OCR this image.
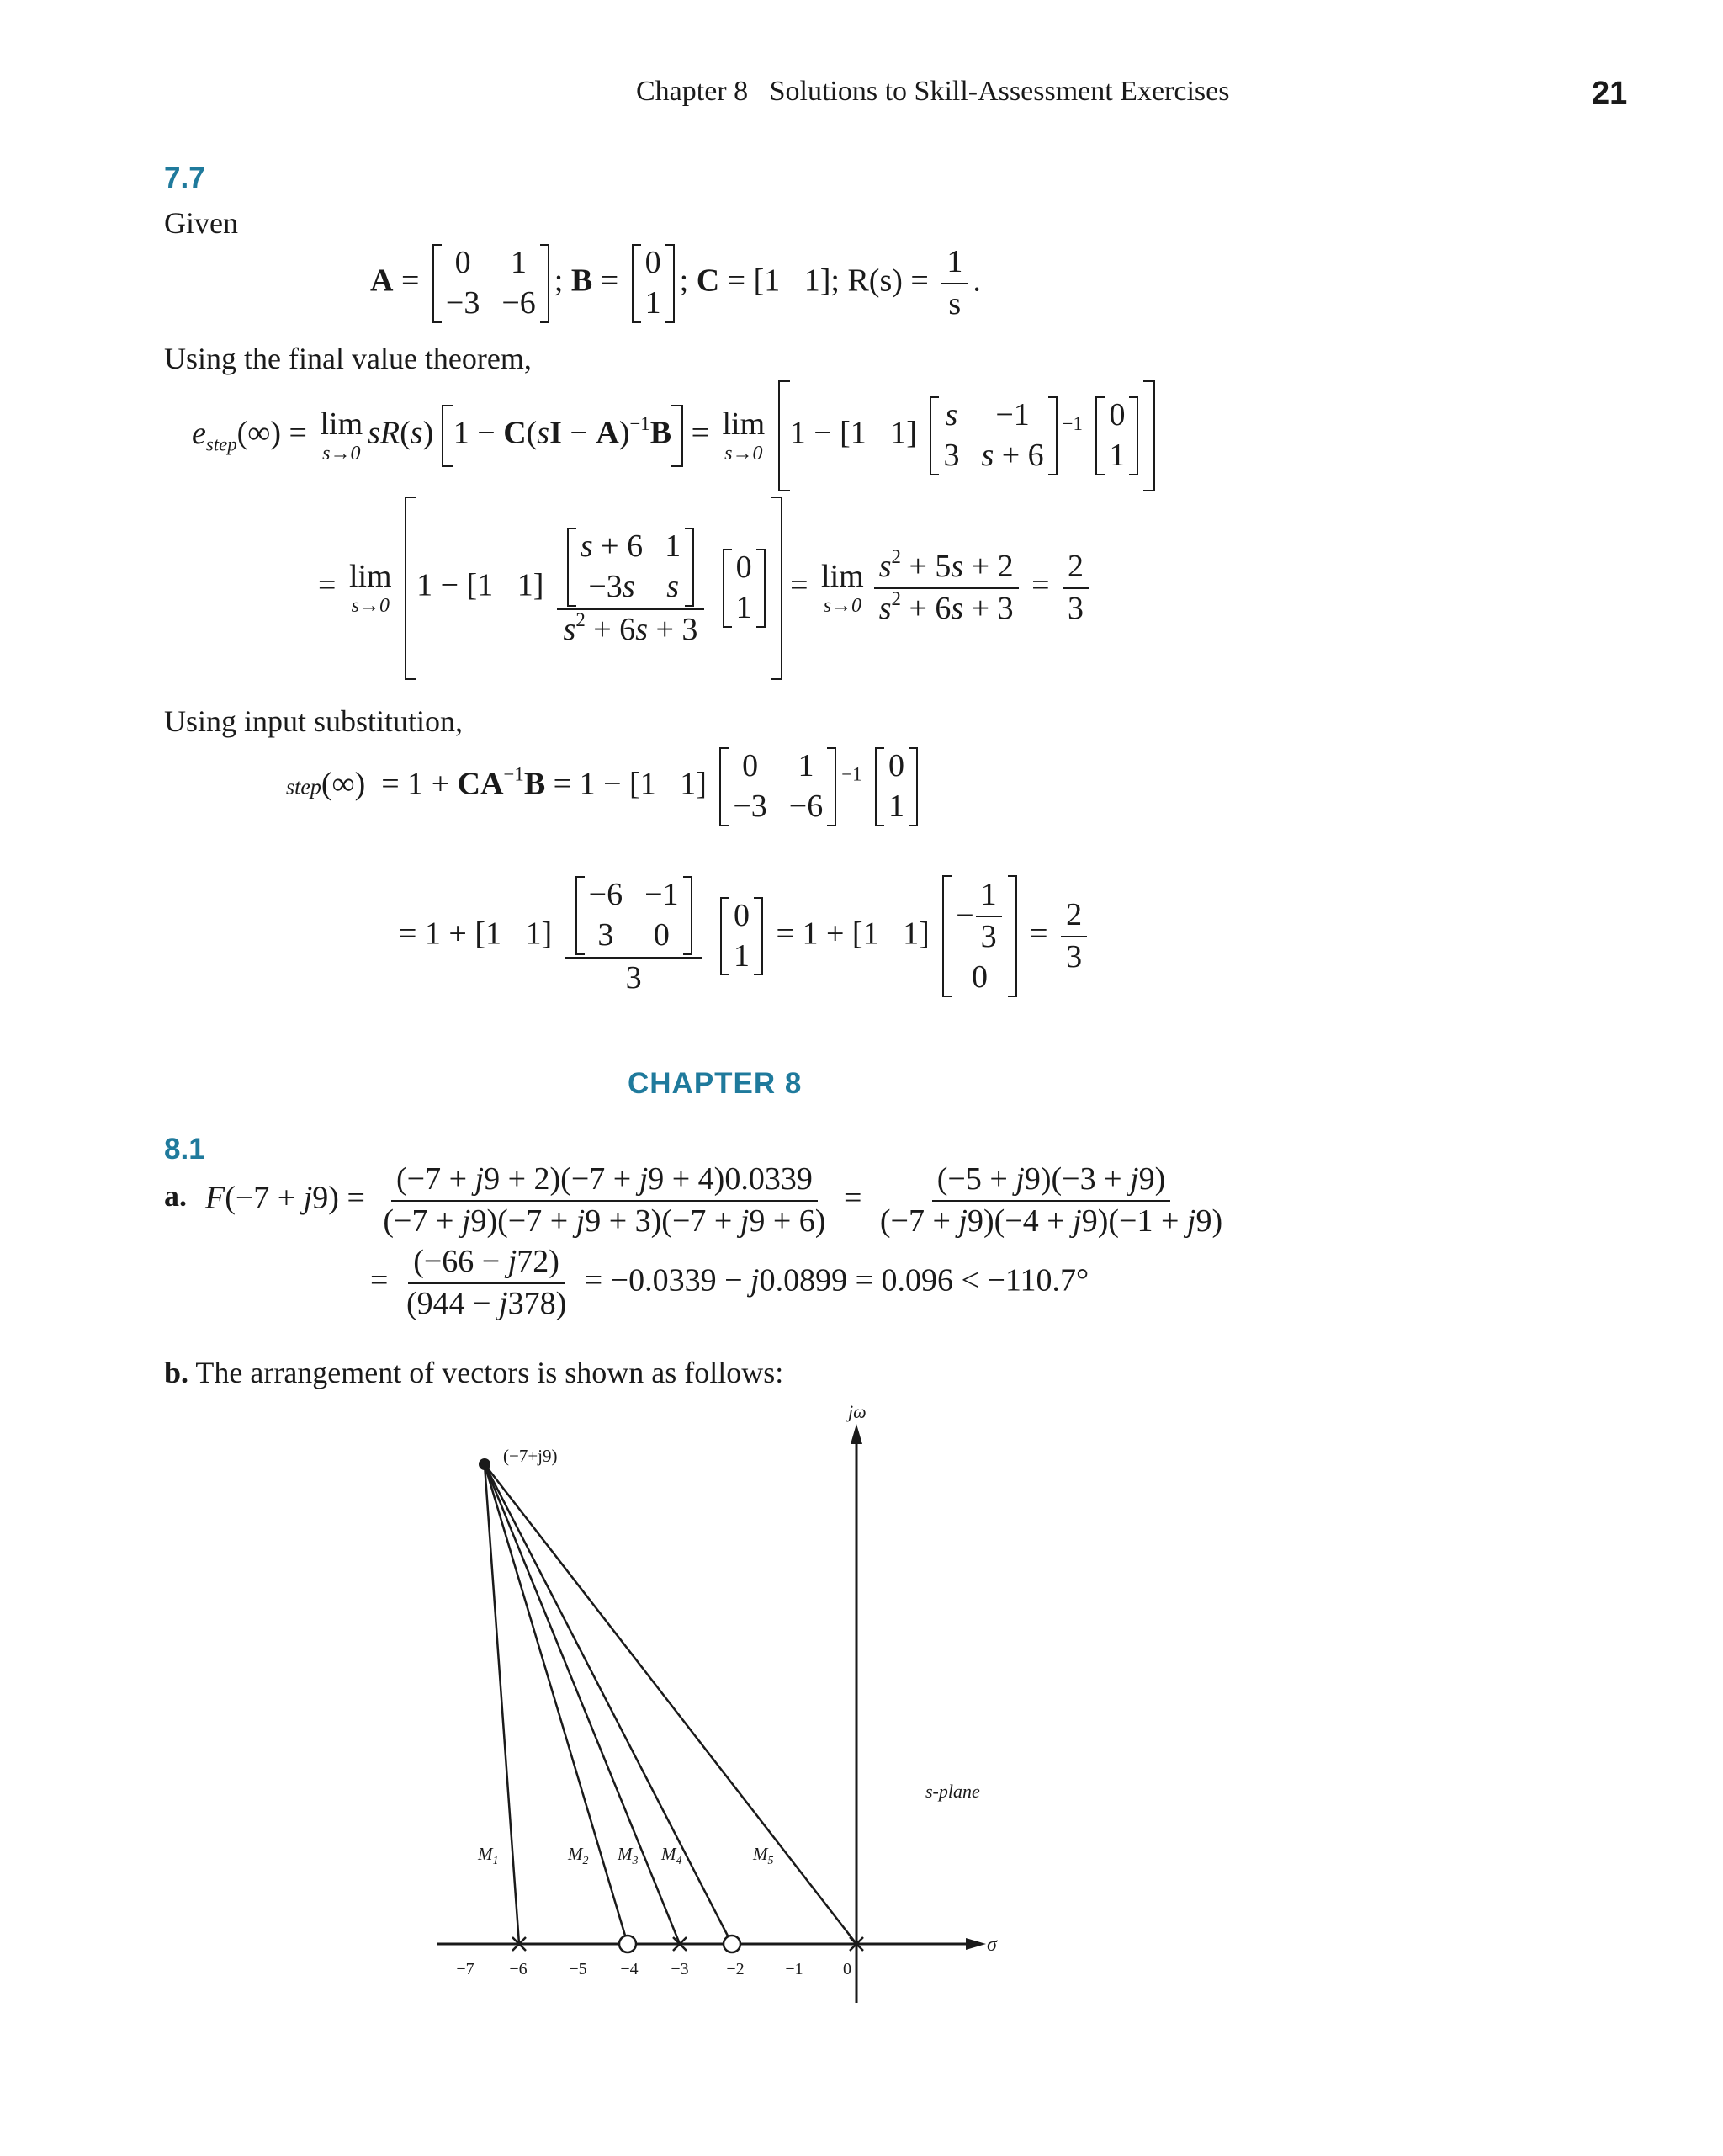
Chapter 8   Solutions to Skill-Assessment Exercises	21
7.7
Given
A =
0 1
−3 −6
; B =
0
1
; C = [1   1]; $R(s) = \frac{1}{s}$ .
Using the final value theorem,
$e_{step}(\infty) = \lim$
s→0
sR(s) 1 − C(sI − A)$^{-1}$B = lim
s→0
1 − [1   1]
s	−1
3 s + 6
$^{-1}$ 0
1
= lim
s→0
1 − [1   1] s + 6 1
−3s s
$s^2 + 6s + 3$
0
1
= lim
$s\to 0 \frac{s^2 + 5s + 2}{s^2 + 6s + 3} = \frac{2}{3}$
Using input substitution,
step(∞)  = $1 + CA^{-1}B = 1 - [1$   1]
0 1
−3 −6
$^{-1}$ 0
1
= 1 + [1   1] −6 −1
3 0
3
0
1
= 1 + [1   1]
− $\frac{1}{3}$
0
= $\frac{2}{3}$
CHAPTER 8
8.1
a. $F(-7 + j9) = \frac{(-7 + j9 + 2)(-7 + j9 + 4)0.0339}{(-7 + j9)(-7 + j9 + 3)(-7 + j9 + 6)} = \frac{(-5 + j9)(-3 + j9)}{(-7 + j9)(-4 + j9)(-1 + j9)}$
= $\frac{(-66 - j72)}{(944 - j378)} = -0.0339 - j0.0899 = 0.096 < -110.7^\circ$
b. The arrangement of vectors is shown as follows:
jω
σ
s-plane
(−7+j9)
$M_1$	$M_2$ $M_3$ $M_4$	$M_5$
−7 −6 −5 −4 −3 −2 −1 0
